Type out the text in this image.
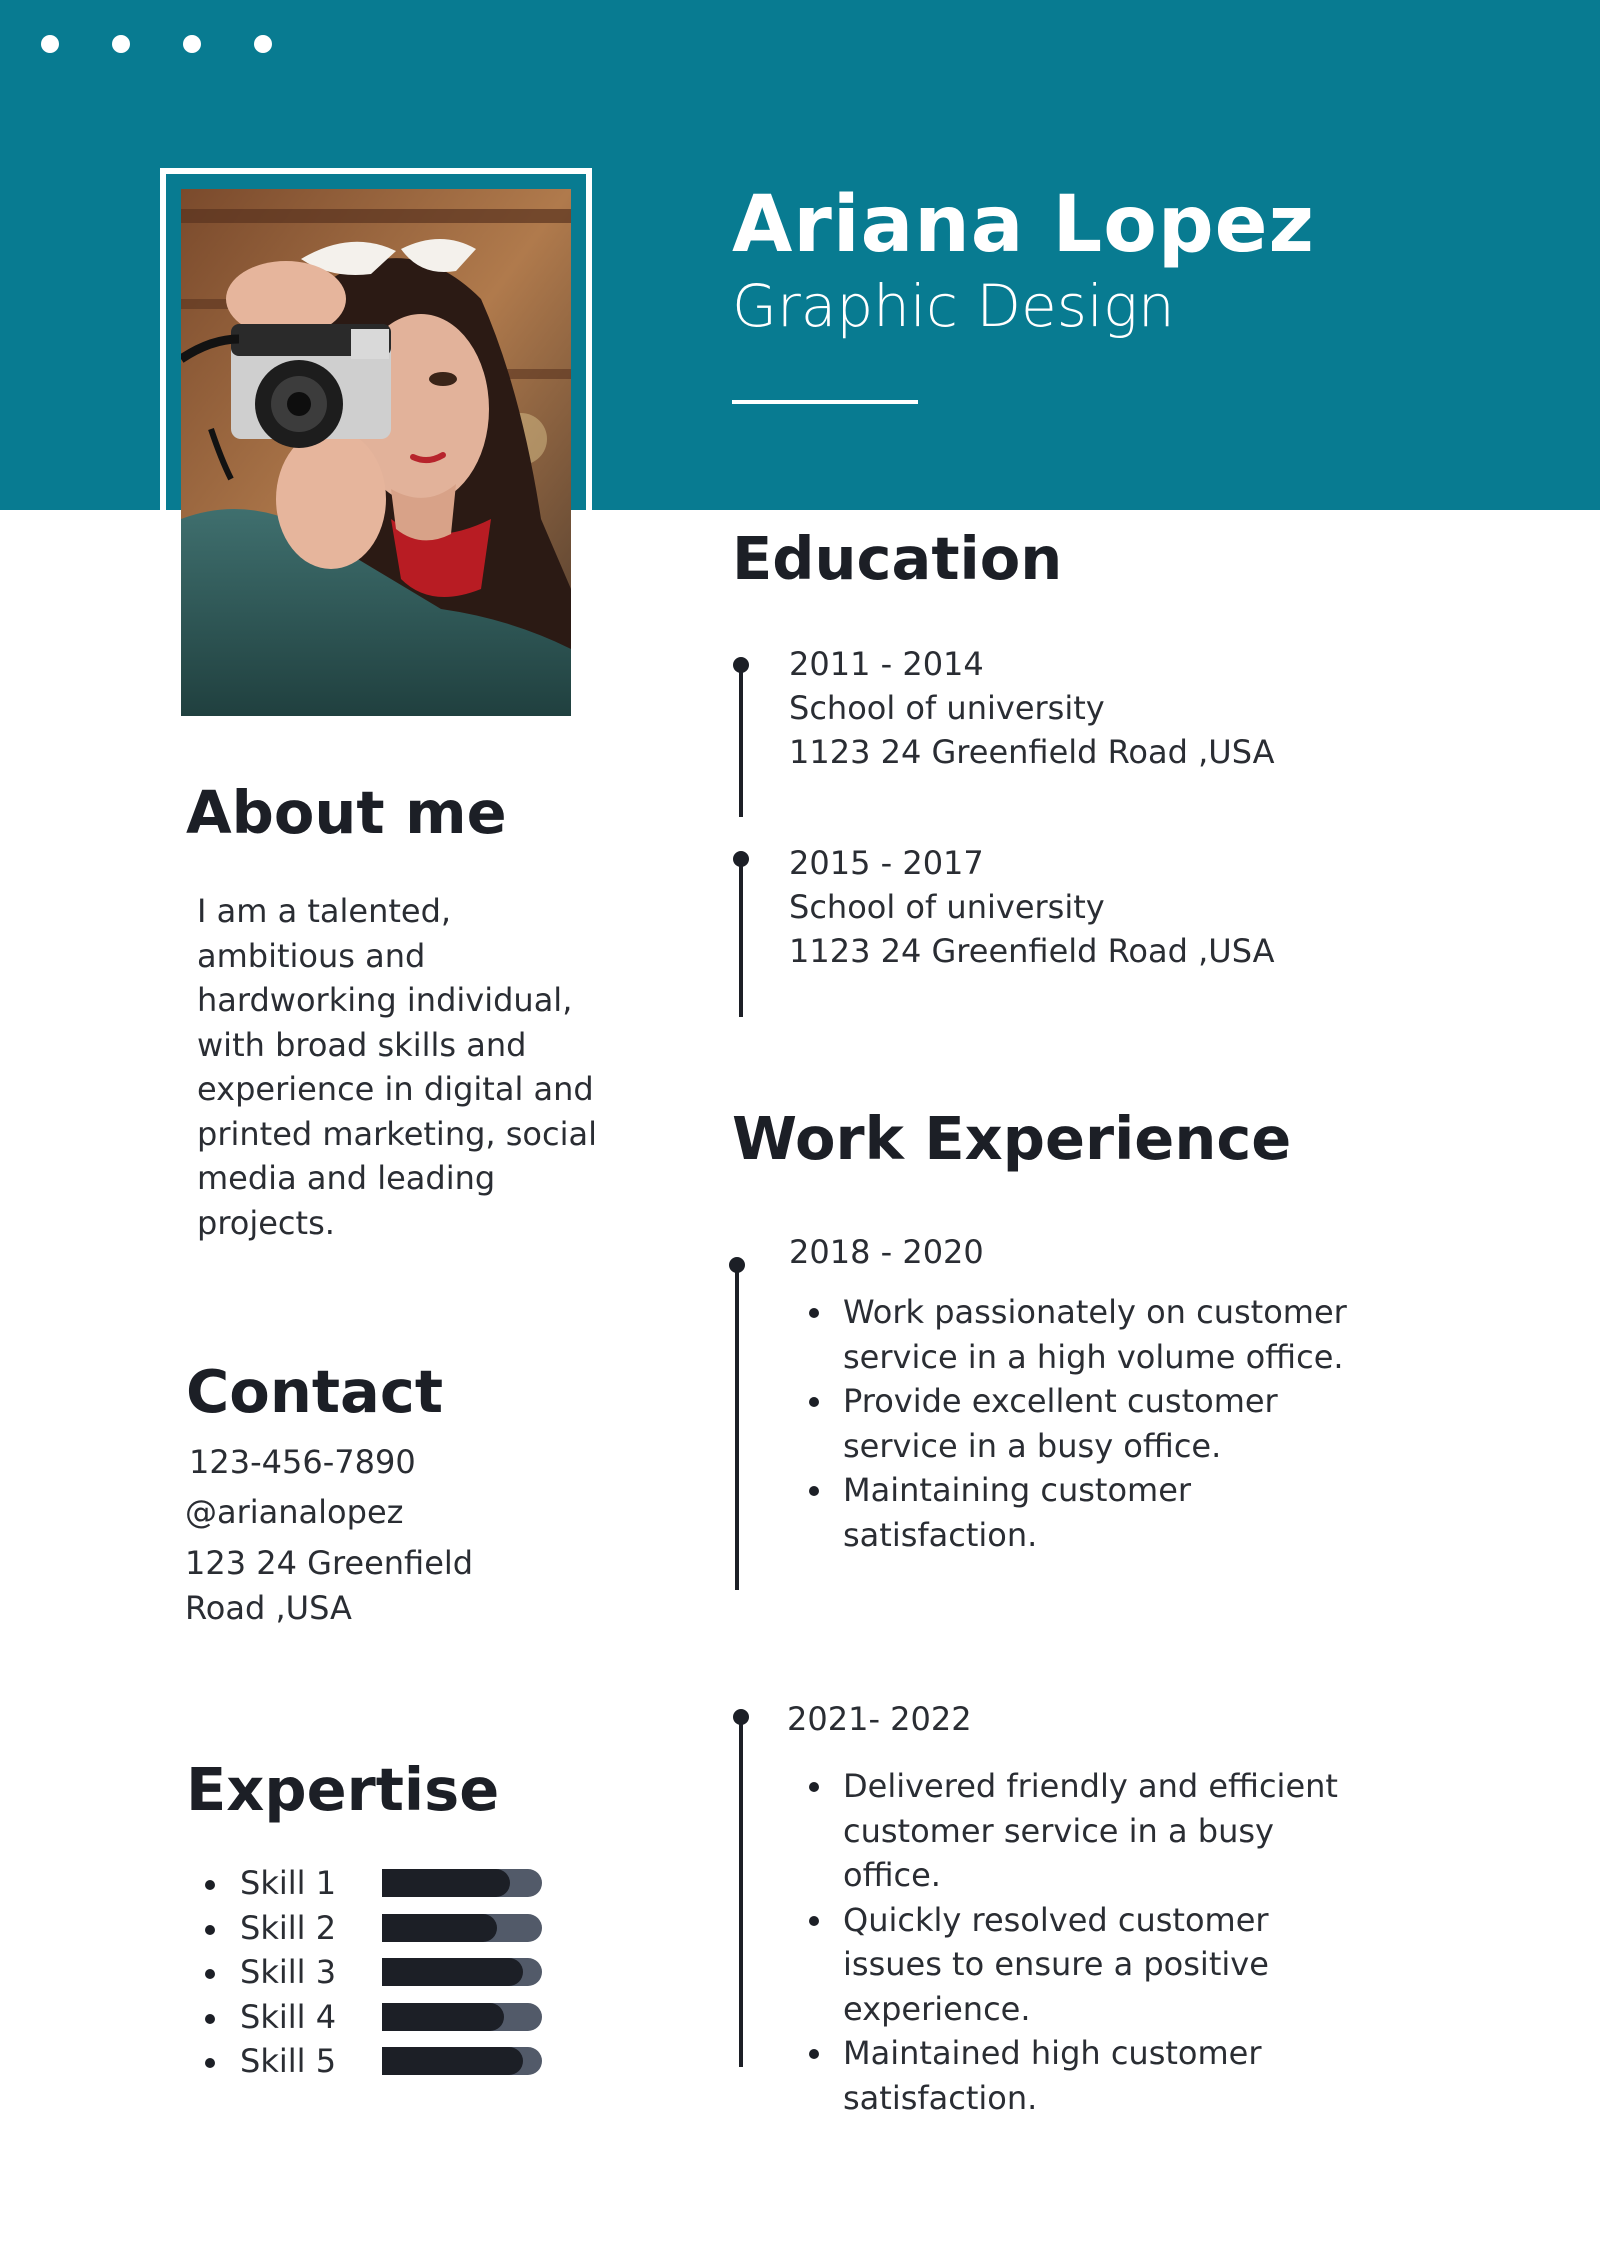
Ariana Lopez
Graphic Design
About me
I am a talented,
ambitious and
hardworking individual,
with broad skills and
experience in digital and
printed marketing, social
media and leading
projects.
Contact
123-456-7890
@arianalopez
123 24 Greenfield
Road ,USA
Expertise
Skill 1
Skill 2
Skill 3
Skill 4
Skill 5
Education
2011 - 2014
School of university
1123 24 Greenfield Road ,USA
2015 - 2017
School of university
1123 24 Greenfield Road ,USA
Work Experience
2018 - 2020
Work passionately on customer
service in a high volume office.
Provide excellent customer
service in a busy office.
Maintaining customer
satisfaction.
2021- 2022
Delivered friendly and efficient
customer service in a busy
office.
Quickly resolved customer
issues to ensure a positive
experience.
Maintained high customer
satisfaction.
